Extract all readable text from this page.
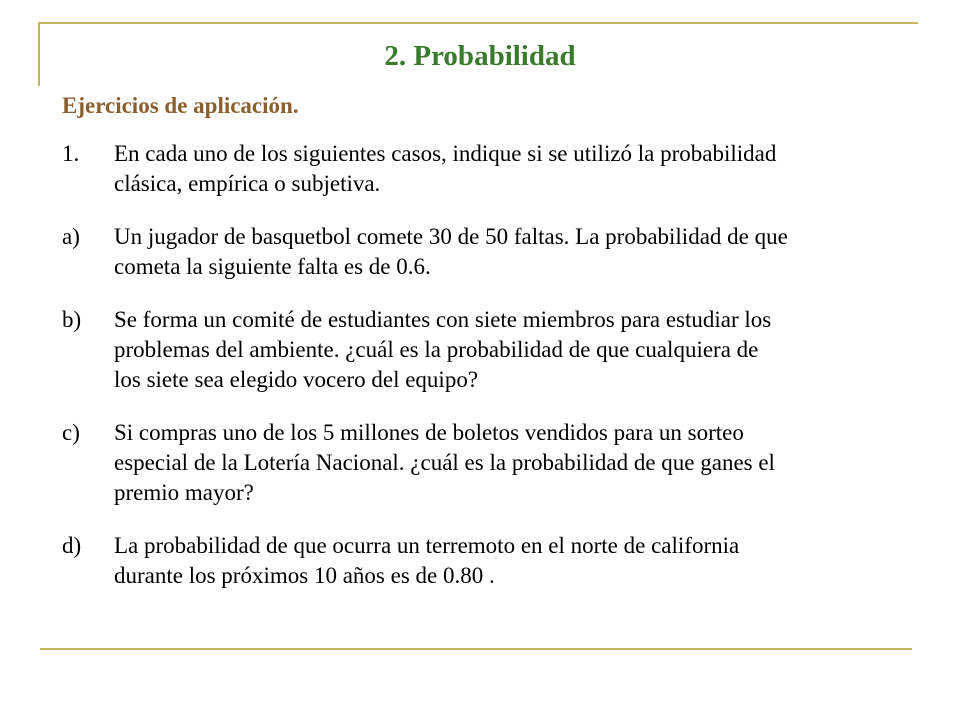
2. Probabilidad
Ejercicios de aplicación.
1.	En cada uno de los siguientes casos, indique si se utilizó la probabilidad
clásica, empírica o subjetiva.
a)	Un jugador de basquetbol comete 30 de 50 faltas. La probabilidad de que
cometa la siguiente falta es de 0.6.
b)	Se forma un comité de estudiantes con siete miembros para estudiar los
problemas del ambiente. ¿cuál es la probabilidad de que cualquiera de
los siete sea elegido vocero del equipo?
c)	Si compras uno de los 5 millones de boletos vendidos para un sorteo
especial de la Lotería Nacional. ¿cuál es la probabilidad de que ganes el
premio mayor?
d)	La probabilidad de que ocurra un terremoto en el norte de california
durante los próximos 10 años es de 0.80 .
